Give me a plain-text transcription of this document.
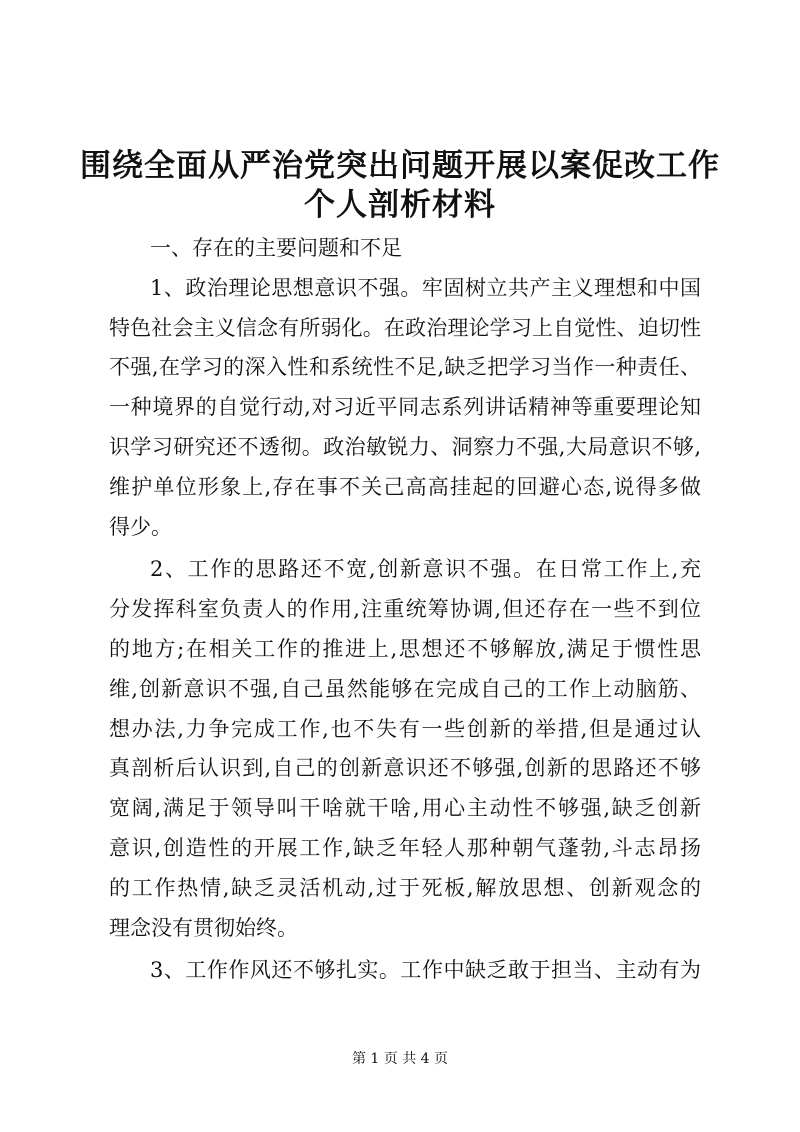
围绕全面从严治党突出问题开展以案促改工作
个人剖析材料
一、存在的主要问题和不足
1、政治理论思想意识不强。牢固树立共产主义理想和中国
特色社会主义信念有所弱化。在政治理论学习上自觉性、迫切性
不强,在学习的深入性和系统性不足,缺乏把学习当作一种责任、
一种境界的自觉行动,对习近平同志系列讲话精神等重要理论知
识学习研究还不透彻。政治敏锐力、洞察力不强,大局意识不够,
维护单位形象上,存在事不关己高高挂起的回避心态,说得多做
得少。
2、工作的思路还不宽,创新意识不强。在日常工作上,充
分发挥科室负责人的作用,注重统筹协调,但还存在一些不到位
的地方;在相关工作的推进上,思想还不够解放,满足于惯性思
维,创新意识不强,自己虽然能够在完成自己的工作上动脑筋、
想办法,力争完成工作,也不失有一些创新的举措,但是通过认
真剖析后认识到,自己的创新意识还不够强,创新的思路还不够
宽阔,满足于领导叫干啥就干啥,用心主动性不够强,缺乏创新
意识,创造性的开展工作,缺乏年轻人那种朝气蓬勃,斗志昂扬
的工作热情,缺乏灵活机动,过于死板,解放思想、创新观念的
理念没有贯彻始终。
3、工作作风还不够扎实。工作中缺乏敢于担当、主动有为
第 1 页 共 4 页
